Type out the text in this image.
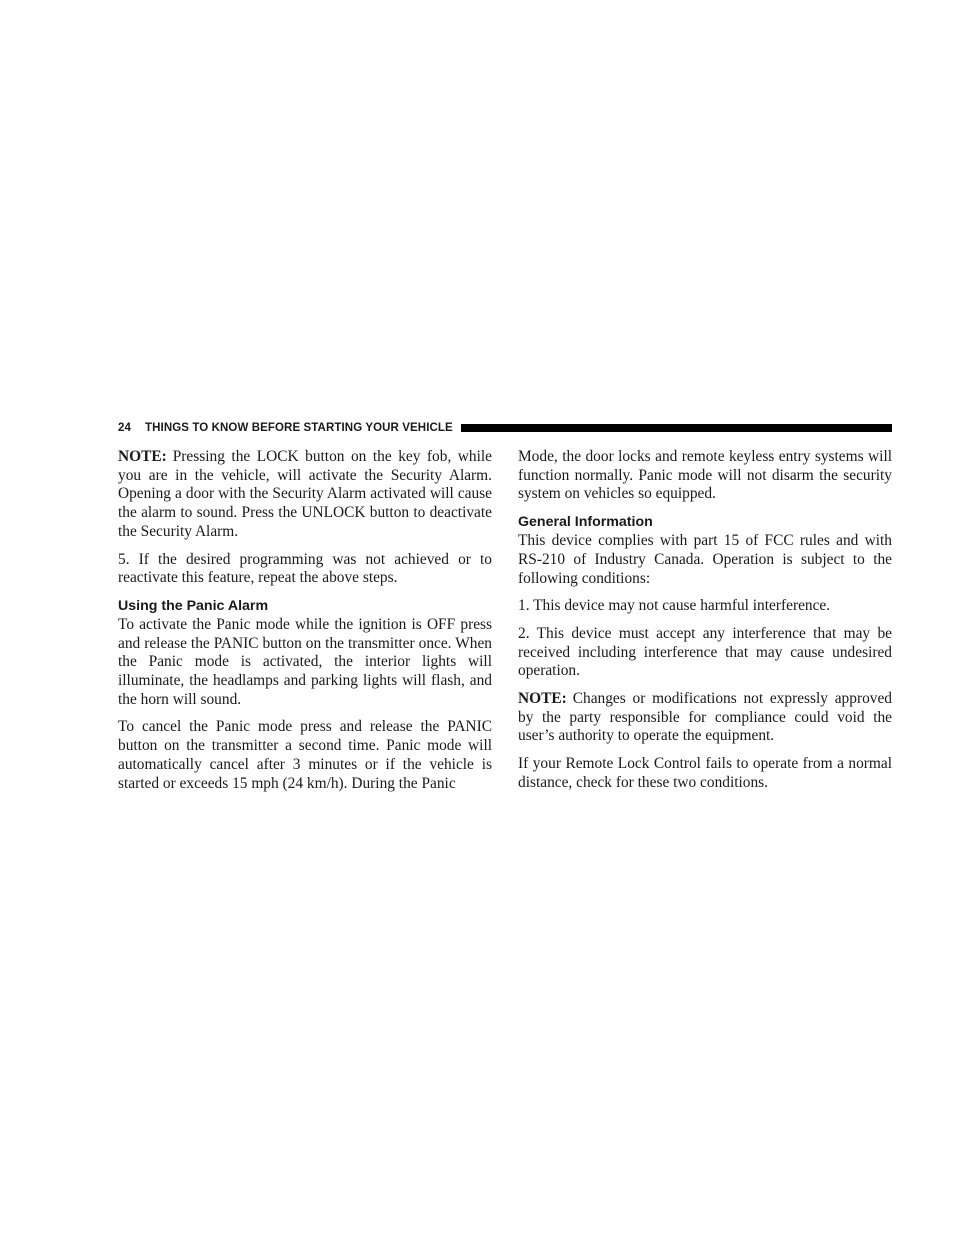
24 THINGS TO KNOW BEFORE STARTING YOUR VEHICLE

NOTE: Pressing the LOCK button on the key fob, while you are in the vehicle, will activate the Security Alarm. Opening a door with the Security Alarm activated will cause the alarm to sound. Press the UNLOCK button to deactivate the Security Alarm.

5. If the desired programming was not achieved or to reactivate this feature, repeat the above steps.

Using the Panic Alarm

To activate the Panic mode while the ignition is OFF press and release the PANIC button on the transmitter once. When the Panic mode is activated, the interior lights will illuminate, the headlamps and parking lights will flash, and the horn will sound.

To cancel the Panic mode press and release the PANIC button on the transmitter a second time. Panic mode will automatically cancel after 3 minutes or if the vehicle is started or exceeds 15 mph (24 km/h). During the Panic

Mode, the door locks and remote keyless entry systems will function normally. Panic mode will not disarm the security system on vehicles so equipped.

General Information

This device complies with part 15 of FCC rules and with RS-210 of Industry Canada. Operation is subject to the following conditions:

1. This device may not cause harmful interference.

2. This device must accept any interference that may be received including interference that may cause undesired operation.

NOTE: Changes or modifications not expressly approved by the party responsible for compliance could void the user’s authority to operate the equipment.

If your Remote Lock Control fails to operate from a normal distance, check for these two conditions.
